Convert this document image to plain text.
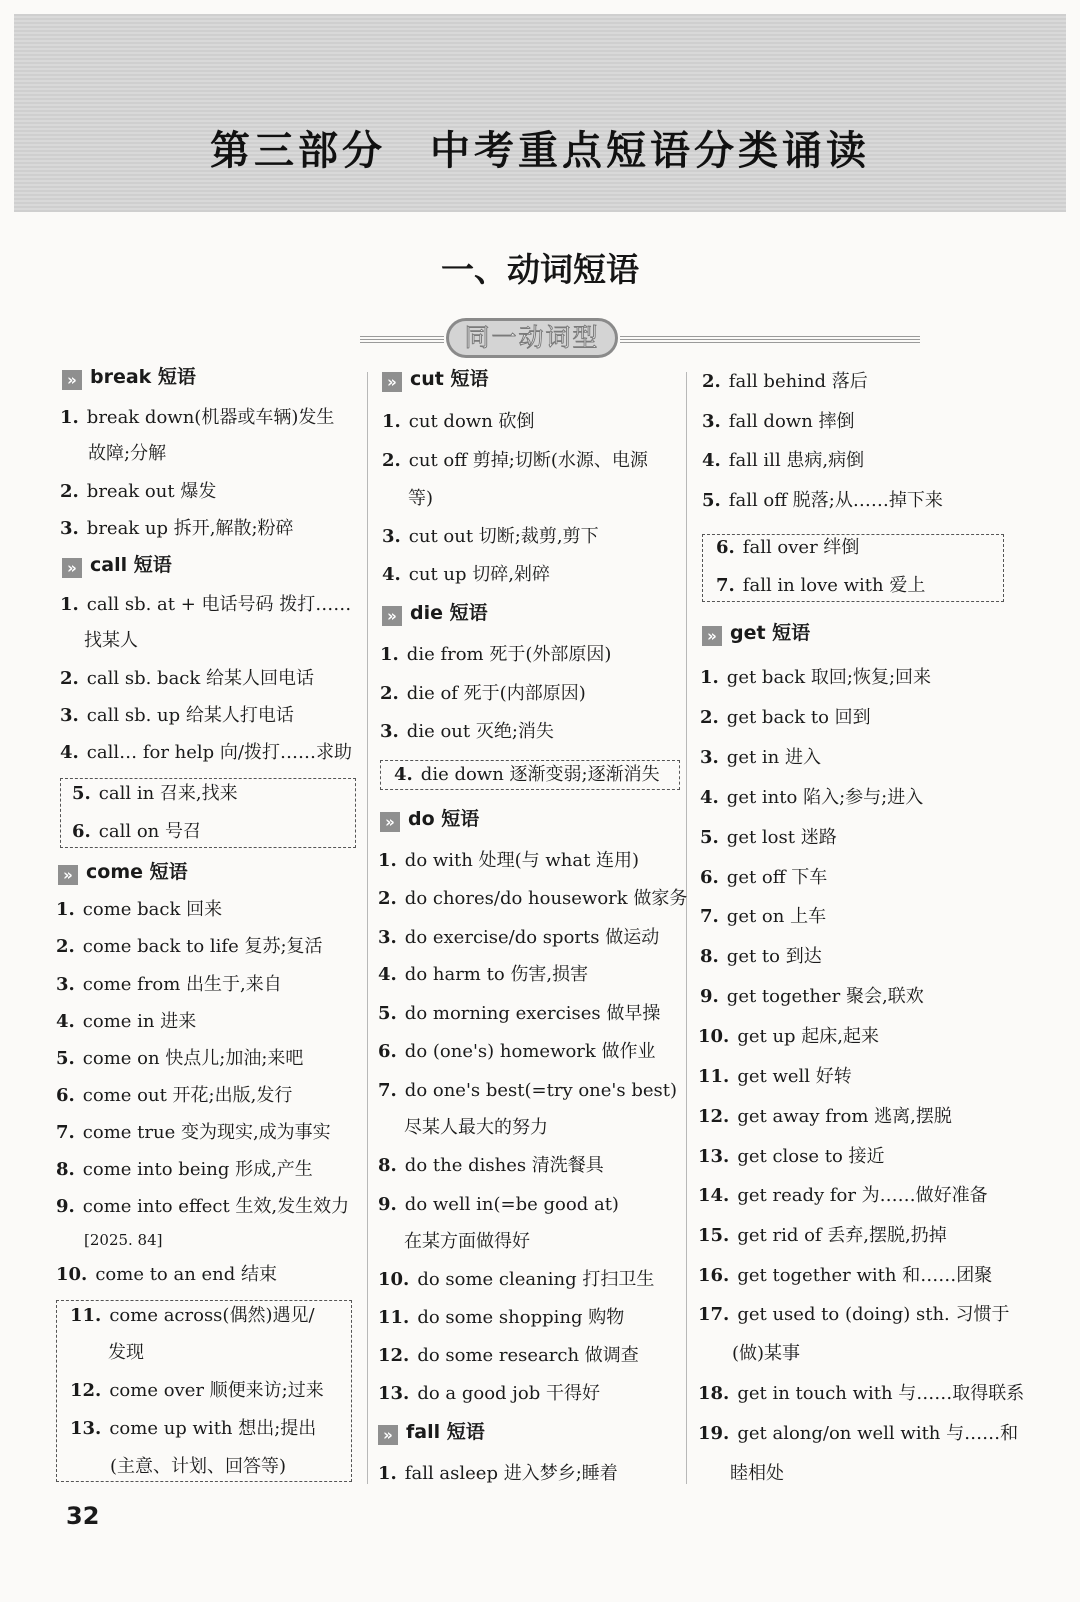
第三部分　中考重点短语分类诵读
一、动词短语
同一动词型
» break 短语
1. break down(机器或车辆)发生
故障;分解
2. break out 爆发
3. break up 拆开,解散;粉碎
» call 短语
1. call sb. at + 电话号码 拨打……
找某人
2. call sb. back 给某人回电话
3. call sb. up 给某人打电话
4. call… for help 向/拨打……求助
5. call in 召来,找来
6. call on 号召
» come 短语
1. come back 回来
2. come back to life 复苏;复活
3. come from 出生于,来自
4. come in 进来
5. come on 快点儿;加油;来吧
6. come out 开花;出版,发行
7. come true 变为现实,成为事实
8. come into being 形成,产生
9. come into effect 生效,发生效力
[2025. 84]
10. come to an end 结束
11. come across(偶然)遇见/
发现
12. come over 顺便来访;过来
13. come up with 想出;提出
(主意、计划、回答等)
» cut 短语
1. cut down 砍倒
2. cut off 剪掉;切断(水源、电源
等)
3. cut out 切断;裁剪,剪下
4. cut up 切碎,剁碎
» die 短语
1. die from 死于(外部原因)
2. die of 死于(内部原因)
3. die out 灭绝;消失
4. die down 逐渐变弱;逐渐消失
» do 短语
1. do with 处理(与 what 连用)
2. do chores/do housework 做家务
3. do exercise/do sports 做运动
4. do harm to 伤害,损害
5. do morning exercises 做早操
6. do (one's) homework 做作业
7. do one's best(=try one's best)
尽某人最大的努力
8. do the dishes 清洗餐具
9. do well in(=be good at)
在某方面做得好
10. do some cleaning 打扫卫生
11. do some shopping 购物
12. do some research 做调查
13. do a good job 干得好
» fall 短语
1. fall asleep 进入梦乡;睡着
2. fall behind 落后
3. fall down 摔倒
4. fall ill 患病,病倒
5. fall off 脱落;从……掉下来
6. fall over 绊倒
7. fall in love with 爱上
» get 短语
1. get back 取回;恢复;回来
2. get back to 回到
3. get in 进入
4. get into 陷入;参与;进入
5. get lost 迷路
6. get off 下车
7. get on 上车
8. get to 到达
9. get together 聚会,联欢
10. get up 起床,起来
11. get well 好转
12. get away from 逃离,摆脱
13. get close to 接近
14. get ready for 为……做好准备
15. get rid of 丢弃,摆脱,扔掉
16. get together with 和……团聚
17. get used to (doing) sth. 习惯于
(做)某事
18. get in touch with 与……取得联系
19. get along/on well with 与……和
睦相处
32
